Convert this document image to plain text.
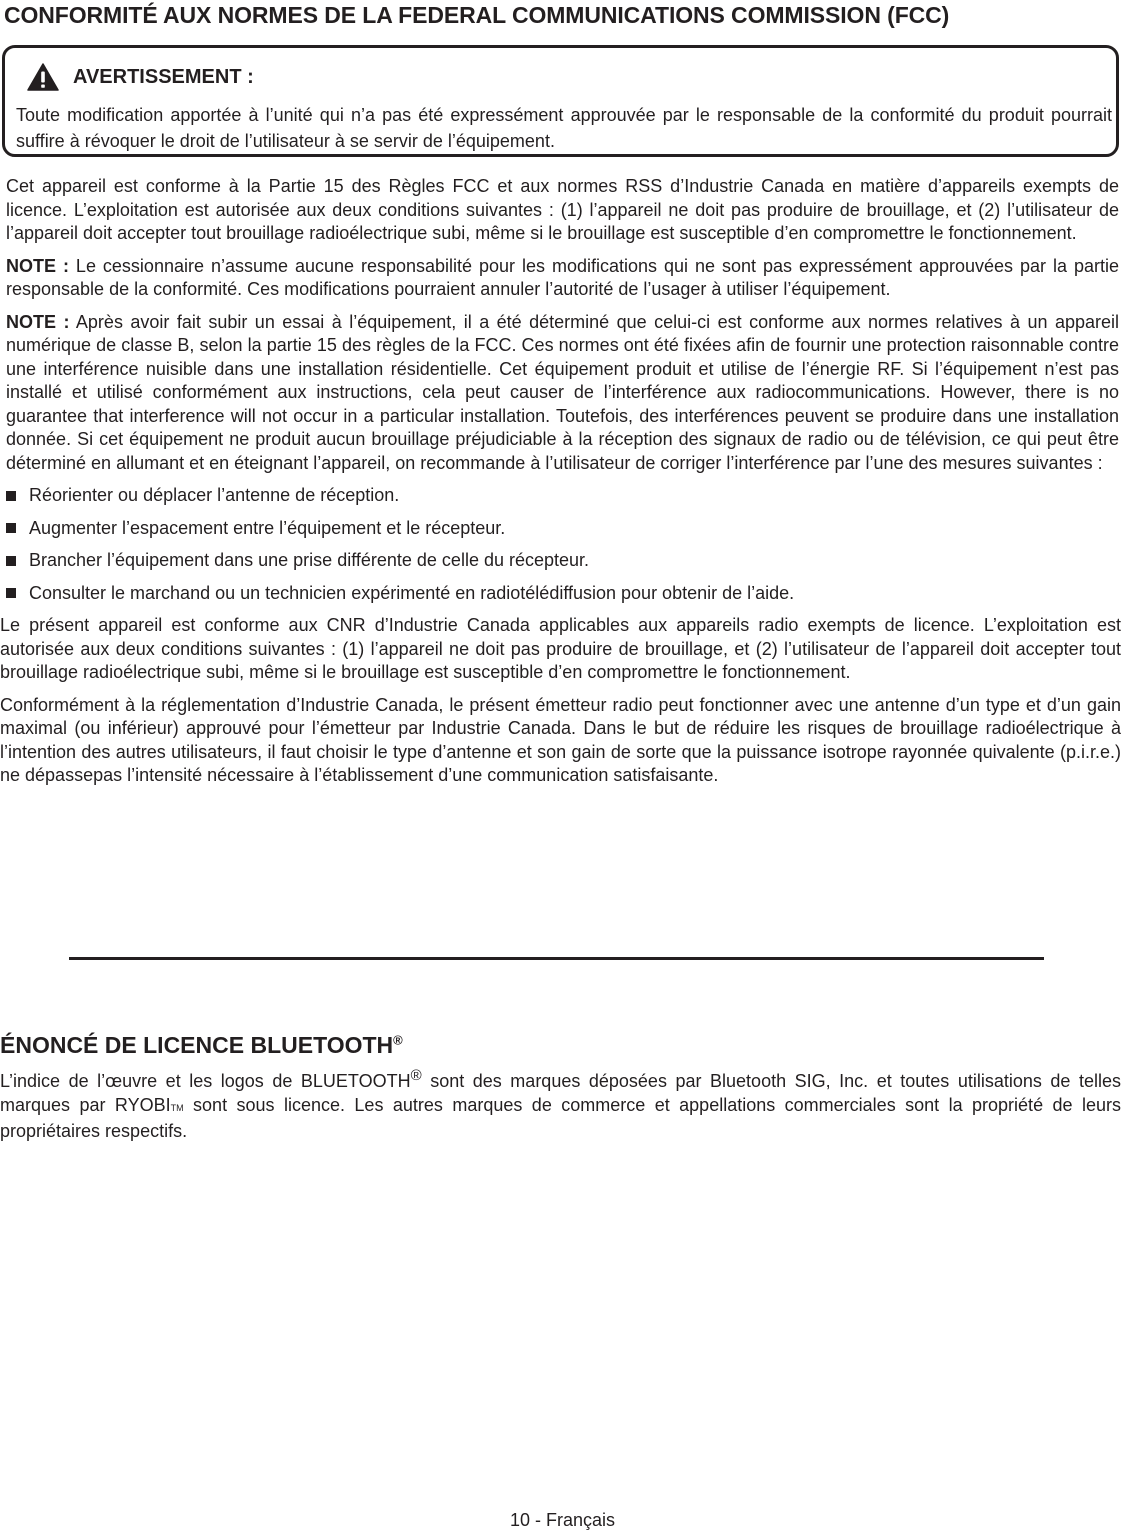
CONFORMITÉ AUX NORMES DE LA FEDERAL COMMUNICATIONS COMMISSION (FCC)
AVERTISSEMENT :

Toute modification apportée à l’unité qui n’a pas été expressément approuvée par le responsable de la conformité du produit pourrait suffire à révoquer le droit de l’utilisateur à se servir de l’équipement.

Cet appareil est conforme à la Partie 15 des Règles FCC et aux normes RSS d’Industrie Canada en matière d’appareils exempts de licence. L’exploitation est autorisée aux deux conditions suivantes : (1) l’appareil ne doit pas produire de brouillage, et (2) l’utilisateur de l’appareil doit accepter tout brouillage radioélectrique subi, même si le brouillage est susceptible d’en compromettre le fonctionnement.

NOTE : Le cessionnaire n’assume aucune responsabilité pour les modifications qui ne sont pas expressément approuvées par la partie responsable de la conformité. Ces modifications pourraient annuler l’autorité de l’usager à utiliser l’équipement.

NOTE : Après avoir fait subir un essai à l’équipement, il a été déterminé que celui-ci est conforme aux normes relatives à un appareil numérique de classe B, selon la partie 15 des règles de la FCC. Ces normes ont été fixées afin de fournir une protection raisonnable contre une interférence nuisible dans une installation résidentielle. Cet équipement produit et utilise de l’énergie RF. Si l’équipement n’est pas installé et utilisé conformément aux instructions, cela peut causer de l’interférence aux radiocommunications. However, there is no guarantee that interference will not occur in a particular installation. Toutefois, des interférences peuvent se produire dans une installation donnée. Si cet équipement ne produit aucun brouillage préjudiciable à la réception des signaux de radio ou de télévision, ce qui peut être déterminé en allumant et en éteignant l’appareil, on recommande à l’utilisateur de corriger l’interférence par l’une des mesures suivantes :

Réorienter ou déplacer l’antenne de réception.
Augmenter l’espacement entre l’équipement et le récepteur.
Brancher l’équipement dans une prise différente de celle du récepteur.
Consulter le marchand ou un technicien expérimenté en radiotélédiffusion pour obtenir de l’aide.

Le présent appareil est conforme aux CNR d’Industrie Canada applicables aux appareils radio exempts de licence. L’exploitation est autorisée aux deux conditions suivantes : (1) l’appareil ne doit pas produire de brouillage, et (2) l’utilisateur de l’appareil doit accepter tout brouillage radioélectrique subi, même si le brouillage est susceptible d’en compromettre le fonctionnement.

Conformément à la réglementation d’Industrie Canada, le présent émetteur radio peut fonctionner avec une antenne d’un type et d’un gain maximal (ou inférieur) approuvé pour l’émetteur par Industrie Canada. Dans le but de réduire les risques de brouillage radioélectrique à l’intention des autres utilisateurs, il faut choisir le type d’antenne et son gain de sorte que la puissance isotrope rayonnée quivalente (p.i.r.e.) ne dépassepas l’intensité nécessaire à l’établissement d’une communication satisfaisante.

ÉNONCÉ DE LICENCE BLUETOOTH®

L’indice de l’œuvre et les logos de BLUETOOTH® sont des marques déposées par Bluetooth SIG, Inc. et toutes utilisations de telles marques par RYOBITM sont sous licence. Les autres marques de commerce et appellations commerciales sont la propriété de leurs propriétaires respectifs.

10 - Français
